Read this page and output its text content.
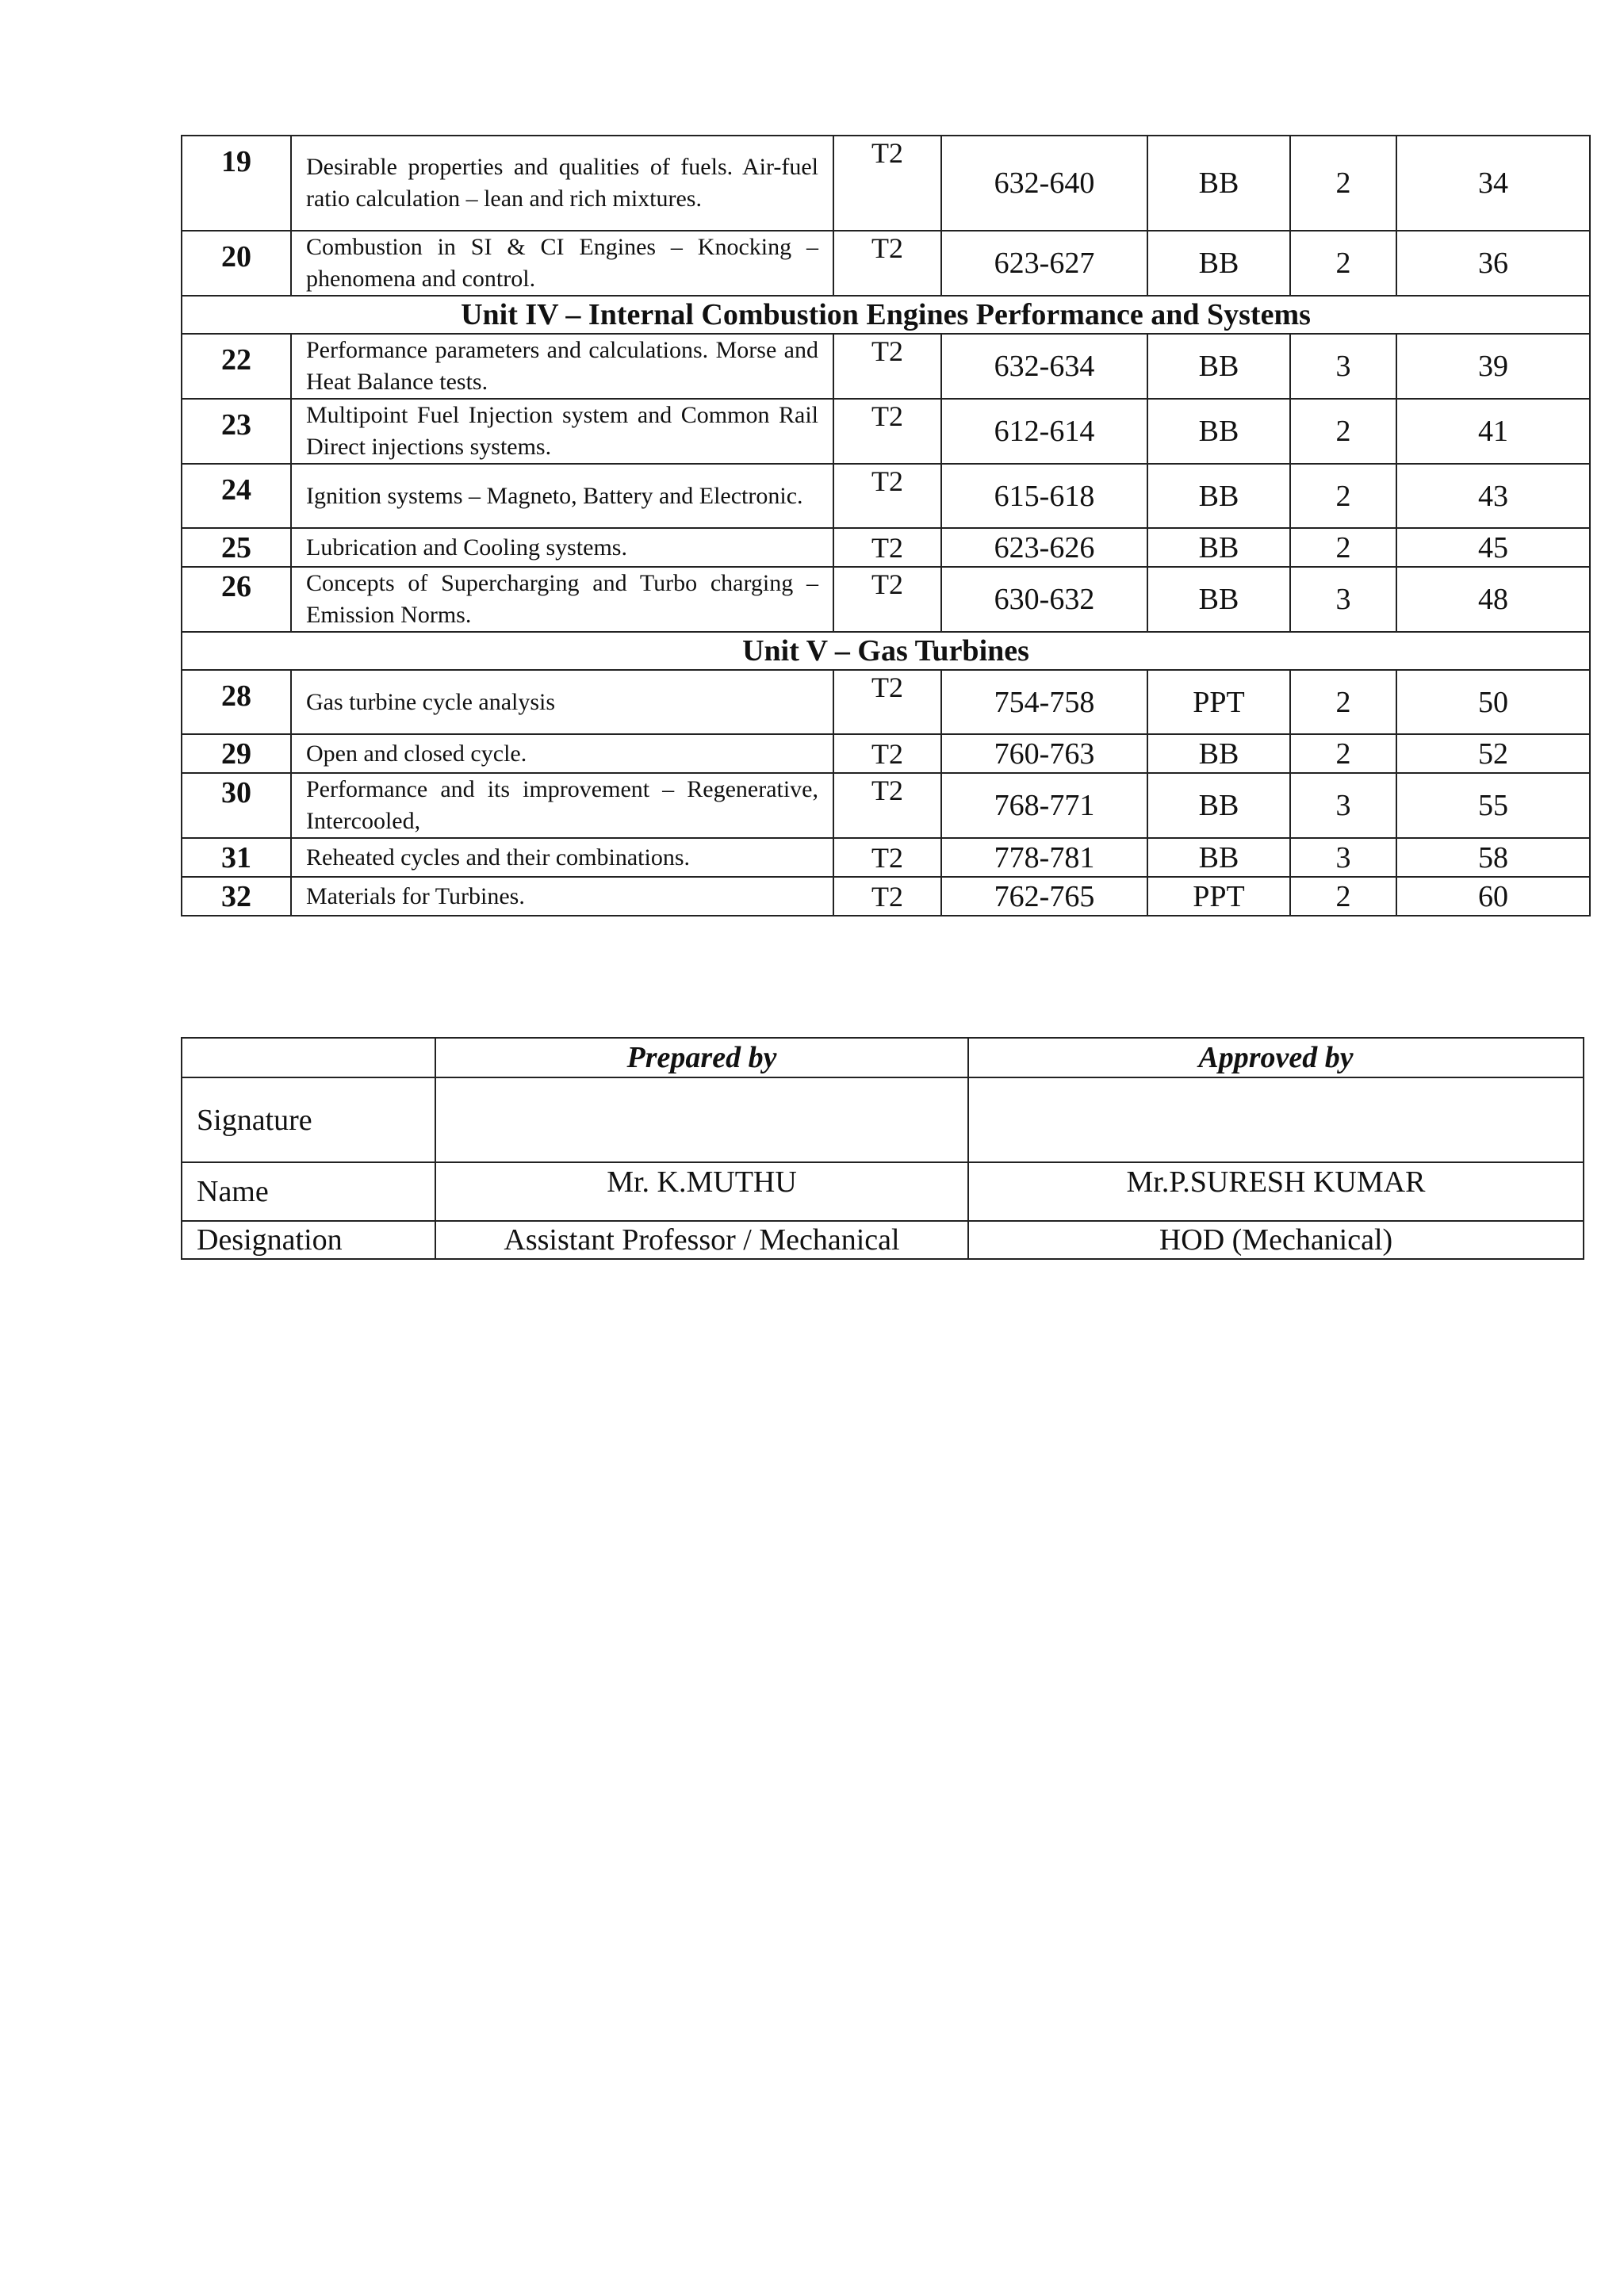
19	Desirable properties and qualities of fuels. Air-fuel ratio calculation – lean and rich mixtures.	T2	632-640	BB	2	34
20	Combustion in SI & CI Engines – Knocking – phenomena and control.	T2	623-627	BB	2	36
Unit IV – Internal Combustion Engines Performance and Systems						
22	Performance parameters and calculations. Morse and Heat Balance tests.	T2	632-634	BB	3	39
23	Multipoint Fuel Injection system and Common Rail Direct injections systems.	T2	612-614	BB	2	41
24	Ignition systems – Magneto, Battery and Electronic.	T2	615-618	BB	2	43
25	Lubrication and Cooling systems.	T2	623-626	BB	2	45
26	Concepts of Supercharging and Turbo charging – Emission Norms.	T2	630-632	BB	3	48
Unit V – Gas Turbines						
28	Gas turbine cycle analysis	T2	754-758	PPT	2	50
29	Open and closed cycle.	T2	760-763	BB	2	52
30	Performance and its improvement – Regenerative, Intercooled,	T2	768-771	BB	3	55
31	Reheated cycles and their combinations.	T2	778-781	BB	3	58
32	Materials for Turbines.	T2	762-765	PPT	2	60
	Prepared by	Approved by
Signature		
Name	Mr. K.MUTHU	Mr.P.SURESH KUMAR
Designation	Assistant Professor / Mechanical	HOD (Mechanical)
